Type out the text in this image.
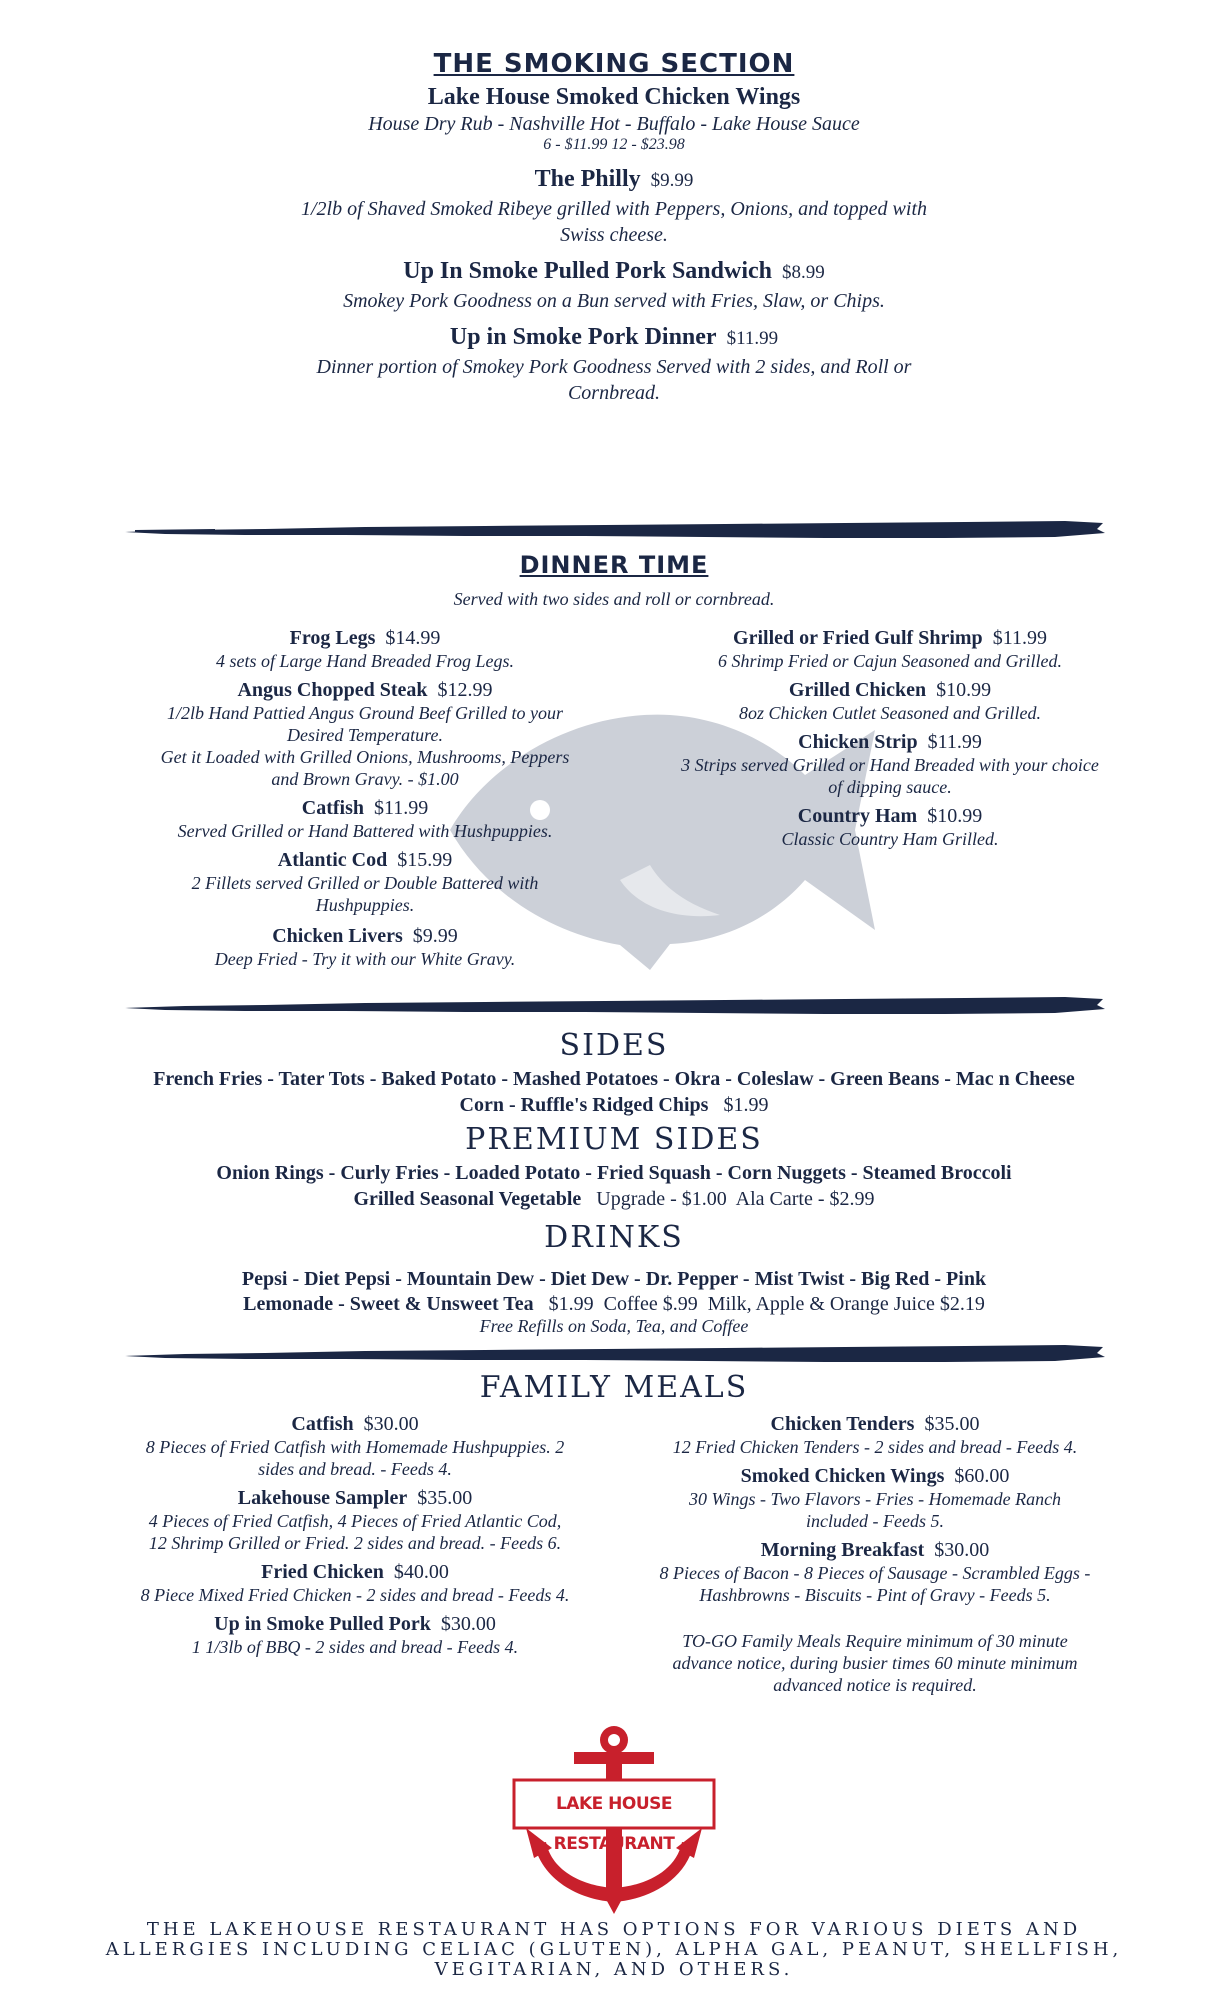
THE SMOKING SECTION
Lake House Smoked Chicken Wings
House Dry Rub - Nashville Hot - Buffalo - Lake House Sauce
6 - $11.99 12 - $23.98
The Philly $9.99
1/2lb of Shaved Smoked Ribeye grilled with Peppers, Onions, and topped with
Swiss cheese.
Up In Smoke Pulled Pork Sandwich $8.99
Smokey Pork Goodness on a Bun served with Fries, Slaw, or Chips.
Up in Smoke Pork Dinner $11.99
Dinner portion of Smokey Pork Goodness Served with 2 sides, and Roll or
Cornbread.
DINNER TIME
Served with two sides and roll or cornbread.
Frog Legs $14.99
4 sets of Large Hand Breaded Frog Legs.
Angus Chopped Steak $12.99
1/2lb Hand Pattied Angus Ground Beef Grilled to your
Desired Temperature.
Get it Loaded with Grilled Onions, Mushrooms, Peppers
and Brown Gravy. - $1.00
Catfish $11.99
Served Grilled or Hand Battered with Hushpuppies.
Atlantic Cod $15.99
2 Fillets served Grilled or Double Battered with
Hushpuppies.
Chicken Livers $9.99
Deep Fried - Try it with our White Gravy.
Grilled or Fried Gulf Shrimp $11.99
6 Shrimp Fried or Cajun Seasoned and Grilled.
Grilled Chicken $10.99
8oz Chicken Cutlet Seasoned and Grilled.
Chicken Strip $11.99
3 Strips served Grilled or Hand Breaded with your choice
of dipping sauce.
Country Ham $10.99
Classic Country Ham Grilled.
SIDES
French Fries - Tater Tots - Baked Potato - Mashed Potatoes - Okra - Coleslaw - Green Beans - Mac n Cheese
Corn - Ruffle's Ridged Chips $1.99
PREMIUM SIDES
Onion Rings - Curly Fries - Loaded Potato - Fried Squash - Corn Nuggets - Steamed Broccoli
Grilled Seasonal Vegetable Upgrade - $1.00  Ala Carte - $2.99
DRINKS
Pepsi - Diet Pepsi - Mountain Dew - Diet Dew - Dr. Pepper - Mist Twist - Big Red - Pink
Lemonade - Sweet & Unsweet Tea $1.99  Coffee $.99  Milk, Apple & Orange Juice $2.19
Free Refills on Soda, Tea, and Coffee
FAMILY MEALS
Catfish $30.00
8 Pieces of Fried Catfish with Homemade Hushpuppies. 2
sides and bread. - Feeds 4.
Lakehouse Sampler $35.00
4 Pieces of Fried Catfish, 4 Pieces of Fried Atlantic Cod,
12 Shrimp Grilled or Fried. 2 sides and bread. - Feeds 6.
Fried Chicken $40.00
8 Piece Mixed Fried Chicken - 2 sides and bread - Feeds 4.
Up in Smoke Pulled Pork $30.00
1 1/3lb of BBQ - 2 sides and bread - Feeds 4.
Chicken Tenders $35.00
12 Fried Chicken Tenders - 2 sides and bread - Feeds 4.
Smoked Chicken Wings $60.00
30 Wings - Two Flavors - Fries - Homemade Ranch
included - Feeds 5.
Morning Breakfast $30.00
8 Pieces of Bacon - 8 Pieces of Sausage - Scrambled Eggs -
Hashbrowns - Biscuits - Pint of Gravy - Feeds 5.
TO-GO Family Meals Require minimum of 30 minute
advance notice, during busier times 60 minute minimum
advanced notice is required.
LAKE HOUSE RESTAURANT
THE LAKEHOUSE RESTAURANT HAS OPTIONS FOR VARIOUS DIETS AND
ALLERGIES INCLUDING CELIAC (GLUTEN), ALPHA GAL, PEANUT, SHELLFISH,
VEGITARIAN, AND OTHERS.
